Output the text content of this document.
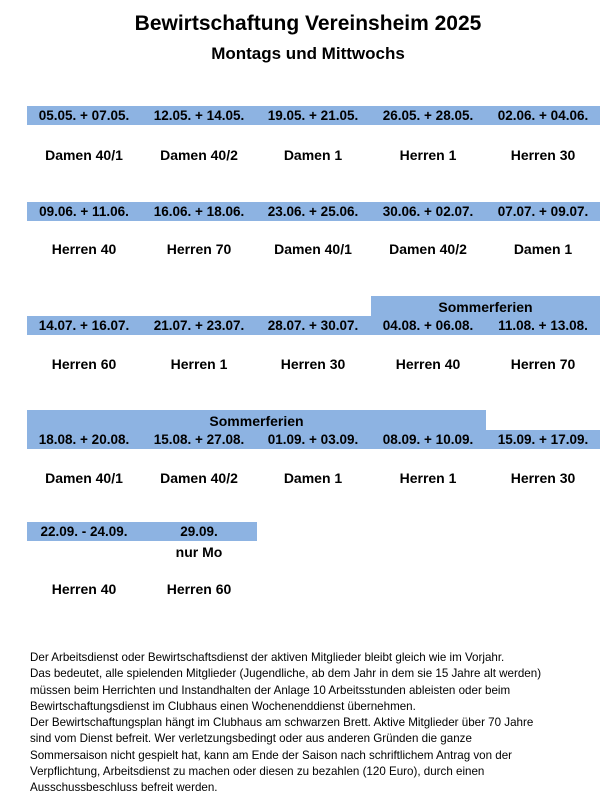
Bewirtschaftung Vereinsheim 2025
Montags und Mittwochs
05.05. + 07.05.	12.05. + 14.05.	19.05. + 21.05.	26.05. + 28.05.	02.06. + 04.06.
Damen 40/1	Damen 40/2	Damen 1	Herren 1	Herren 30
09.06. + 11.06.	16.06. + 18.06.	23.06. + 25.06.	30.06. + 02.07.	07.07. + 09.07.
Herren 40	Herren 70	Damen 40/1	Damen 40/2	Damen 1
Sommerferien
14.07. + 16.07.	21.07. + 23.07.	28.07. + 30.07.	04.08. + 06.08.	11.08. + 13.08.
Herren 60	Herren 1	Herren 30	Herren 40	Herren 70
Sommerferien
18.08. + 20.08.	15.08. + 27.08.	01.09. + 03.09.	08.09. + 10.09.	15.09. + 17.09.
Damen 40/1	Damen 40/2	Damen 1	Herren 1	Herren 30
22.09. - 24.09.	29.09.
nur Mo
Herren 40	Herren 60
Der Arbeitsdienst oder Bewirtschaftsdienst der aktiven Mitglieder bleibt gleich wie im Vorjahr.
Das bedeutet, alle spielenden Mitglieder (Jugendliche, ab dem Jahr in dem sie 15 Jahre alt werden)
müssen beim Herrichten und Instandhalten der Anlage 10 Arbeitsstunden ableisten oder beim
Bewirtschaftungsdienst im Clubhaus einen Wochenenddienst übernehmen.
Der Bewirtschaftungsplan hängt im Clubhaus am schwarzen Brett. Aktive Mitglieder über 70 Jahre
sind vom Dienst befreit. Wer verletzungsbedingt oder aus anderen Gründen die ganze
Sommersaison nicht gespielt hat, kann am Ende der Saison nach schriftlichem Antrag von der
Verpflichtung, Arbeitsdienst zu machen oder diesen zu bezahlen (120 Euro), durch einen
Ausschussbeschluss befreit werden.
